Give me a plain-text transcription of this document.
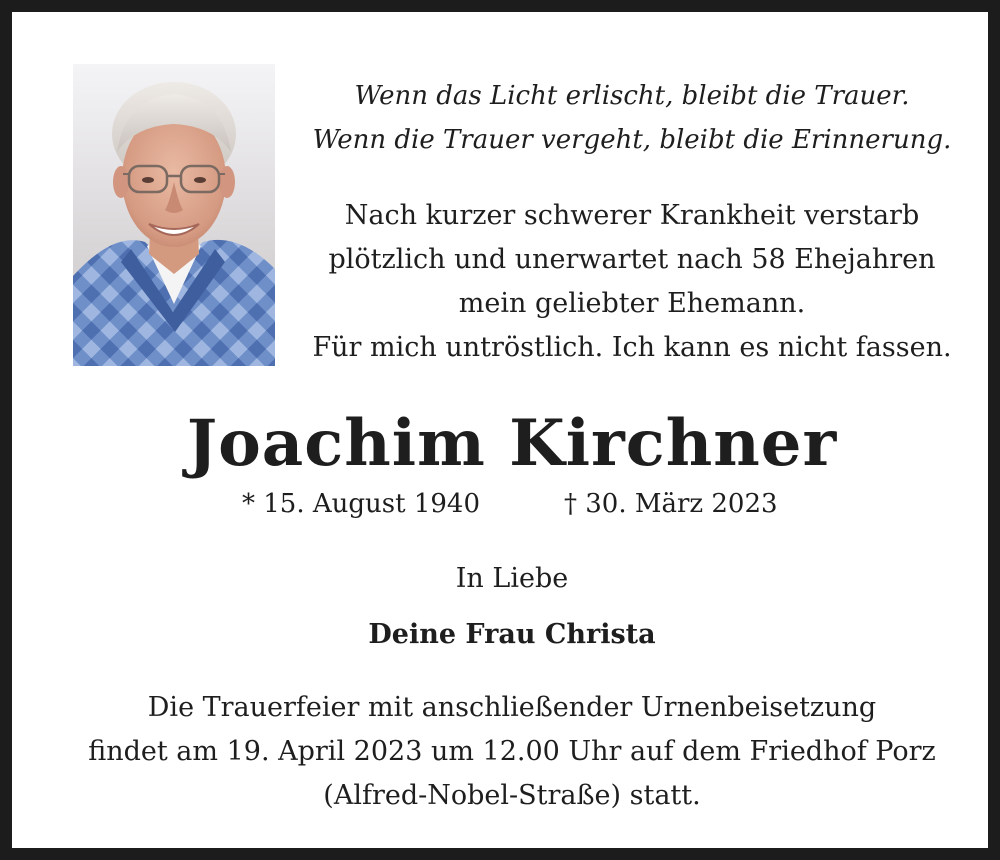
Wenn das Licht erlischt, bleibt die Trauer.
Wenn die Trauer vergeht, bleibt die Erinnerung.
Nach kurzer schwerer Krankheit verstarb
plötzlich und unerwartet nach 58 Ehejahren
mein geliebter Ehemann.
Für mich untröstlich. Ich kann es nicht fassen.
Joachim Kirchner
* 15. August 1940	† 30. März 2023
In Liebe
Deine Frau Christa
Die Trauerfeier mit anschließender Urnenbeisetzung
findet am 19. April 2023 um 12.00 Uhr auf dem Friedhof Porz
(Alfred-Nobel-Straße) statt.
